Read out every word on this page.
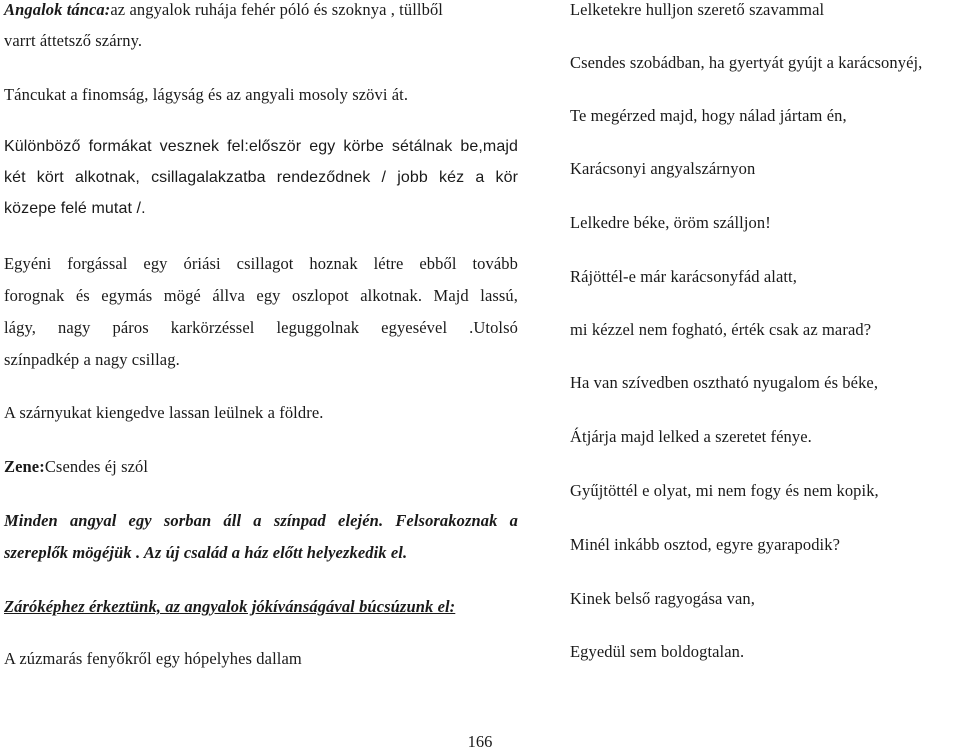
Angalok tánca:az angyalok ruhája fehér póló és szoknya , tüllből
varrt áttetsző szárny.
Táncukat a finomság, lágyság és az angyali mosoly szövi át.
Különböző formákat vesznek fel:először egy körbe sétálnak be,majd
két kört alkotnak, csillagalakzatba rendeződnek / jobb kéz a kör
közepe felé mutat /.
Egyéni forgással egy óriási csillagot hoznak létre ebből tovább
forognak és egymás mögé állva egy oszlopot alkotnak. Majd lassú,
lágy, nagy páros karkörzéssel leguggolnak egyesével .Utolsó
színpadkép a nagy csillag.
A szárnyukat kiengedve lassan leülnek a földre.
Zene:Csendes éj szól
Minden angyal egy sorban áll a színpad elején. Felsorakoznak a
szereplők mögéjük . Az új család a ház előtt helyezkedik el.
Záróképhez érkeztünk, az angyalok jókívánságával búcsúzunk el:
A zúzmarás fenyőkről egy hópelyhes dallam
Lelketekre hulljon szerető szavammal
Csendes szobádban, ha gyertyát gyújt a karácsonyéj,
Te megérzed majd, hogy nálad jártam én,
Karácsonyi angyalszárnyon
Lelkedre béke, öröm szálljon!
Rájöttél-e már karácsonyfád alatt,
mi kézzel nem fogható, érték csak az marad?
Ha van szívedben osztható nyugalom és béke,
Átjárja majd lelked a szeretet fénye.
Gyűjtöttél e olyat, mi nem fogy és nem kopik,
Minél inkább osztod, egyre gyarapodik?
Kinek belső ragyogása van,
Egyedül sem boldogtalan.
166
